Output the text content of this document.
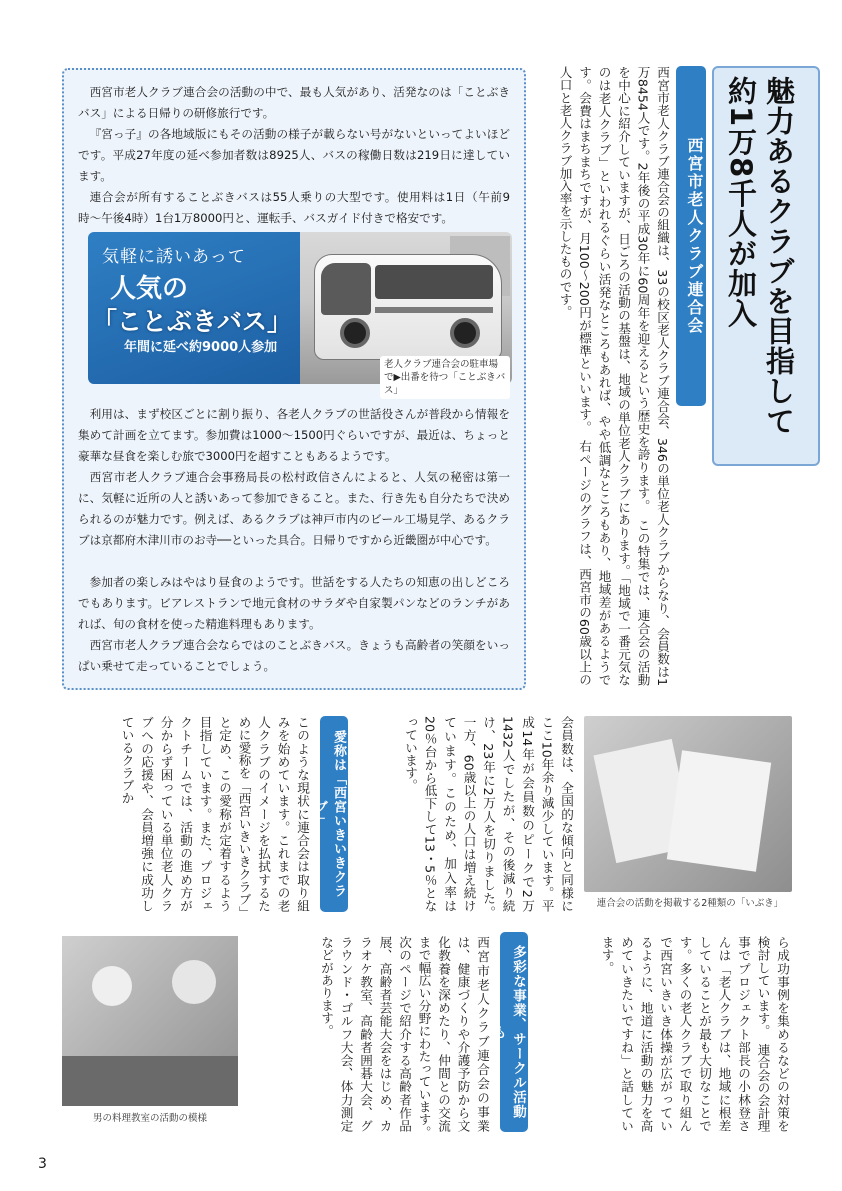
西宮市老人クラブ連合会の活動の中で、最も人気があり、活発なのは「ことぶきバス」による日帰りの研修旅行です。

『宮っ子』の各地域版にもその活動の様子が載らない号がないといってよいほどです。平成27年度の延べ参加者数は8925人、バスの稼働日数は219日に達しています。

連合会が所有することぶきバスは55人乗りの大型です。使用料は1日（午前9時〜午後4時）1台1万8000円と、運転手、バスガイド付きで格安です。

気軽に誘いあって
人気の
「ことぶきバス」
年間に延べ約9000人参加
老人クラブ連合会の駐車場で▶出番を待つ「ことぶきバス」

利用は、まず校区ごとに割り振り、各老人クラブの世話役さんが普段から情報を集めて計画を立てます。参加費は1000〜1500円ぐらいですが、最近は、ちょっと豪華な昼食を楽しむ旅で3000円を超すこともあるようです。

西宮市老人クラブ連合会事務局長の松村政信さんによると、人気の秘密は第一に、気軽に近所の人と誘いあって参加できること。また、行き先も自分たちで決められるのが魅力です。例えば、あるクラブは神戸市内のビール工場見学、あるクラブは京都府木津川市のお寺──といった具合。日帰りですから近畿圏が中心です。

参加者の楽しみはやはり昼食のようです。世話をする人たちの知恵の出しどころでもあります。ビアレストランで地元食材のサラダや自家製パンなどのランチがあれば、旬の食材を使った精進料理もあります。

西宮市老人クラブ連合会ならではのことぶきバス。きょうも高齢者の笑顔をいっぱい乗せて走っていることでしょう。

魅力あるクラブを目指して約1万8千人が加入
西宮市老人クラブ連合会
西宮市老人クラブ連合会の組織は、33の校区老人クラブ連合会、346の単位老人クラブからなり、会員数は1万8454人です。2年後の平成30年に60周年を迎えるという歴史を誇ります。　この特集では、連合会の活動を中心に紹介していますが、日ごろの活動の基盤は、地域の単位老人クラブにあります。「地域で一番元気なのは老人クラブ」といわれるぐらい活発なところもあれば、やや低調なところもあり、地域差があるようです。会費はまちまちですが、月100〜200円が標準といいます。　右ページのグラフは、西宮市の60歳以上の人口と老人クラブ加入率を示したものです。
連合会の活動を掲載する2種類の「いぶき」
会員数は、全国的な傾向と同様にここ10年余り減少しています。平成14年が会員数のピークで2万1432人でしたが、その後減り続け、23年に2万人を切りました。　一方、60歳以上の人口は増え続けています。このため、加入率は20％台から低下して13・5％となっています。
愛称は「西宮いきいきクラブ」
このような現状に連合会は取り組みを始めています。これまでの老人クラブのイメージを払拭するために愛称を「西宮いきいきクラブ」と定め、この愛称が定着するよう目指しています。また、プロジェクトチームでは、活動の進め方が分からず困っている単位老人クラブへの応援や、会員増強に成功しているクラブか
ら成功事例を集めるなどの対策を検討しています。　連合会の会計理事でプロジェクト部長の小林登さんは「老人クラブは、地域に根差していることが最も大切なことです。多くの老人クラブで取り組んで西宮いきいき体操が広がっているように、地道に活動の魅力を高めていきたいですね」と話しています。
多彩な事業、サークル活動も
西宮市老人クラブ連合会の事業は、健康づくりや介護予防から文化教養を深めたり、仲間との交流まで幅広い分野にわたっています。　次のページで紹介する高齢者作品展、高齢者芸能大会をはじめ、カラオケ教室、高齢者囲碁大会、グラウンド・ゴルフ大会、体力測定などがあります。
男の料理教室の活動の模様
3
